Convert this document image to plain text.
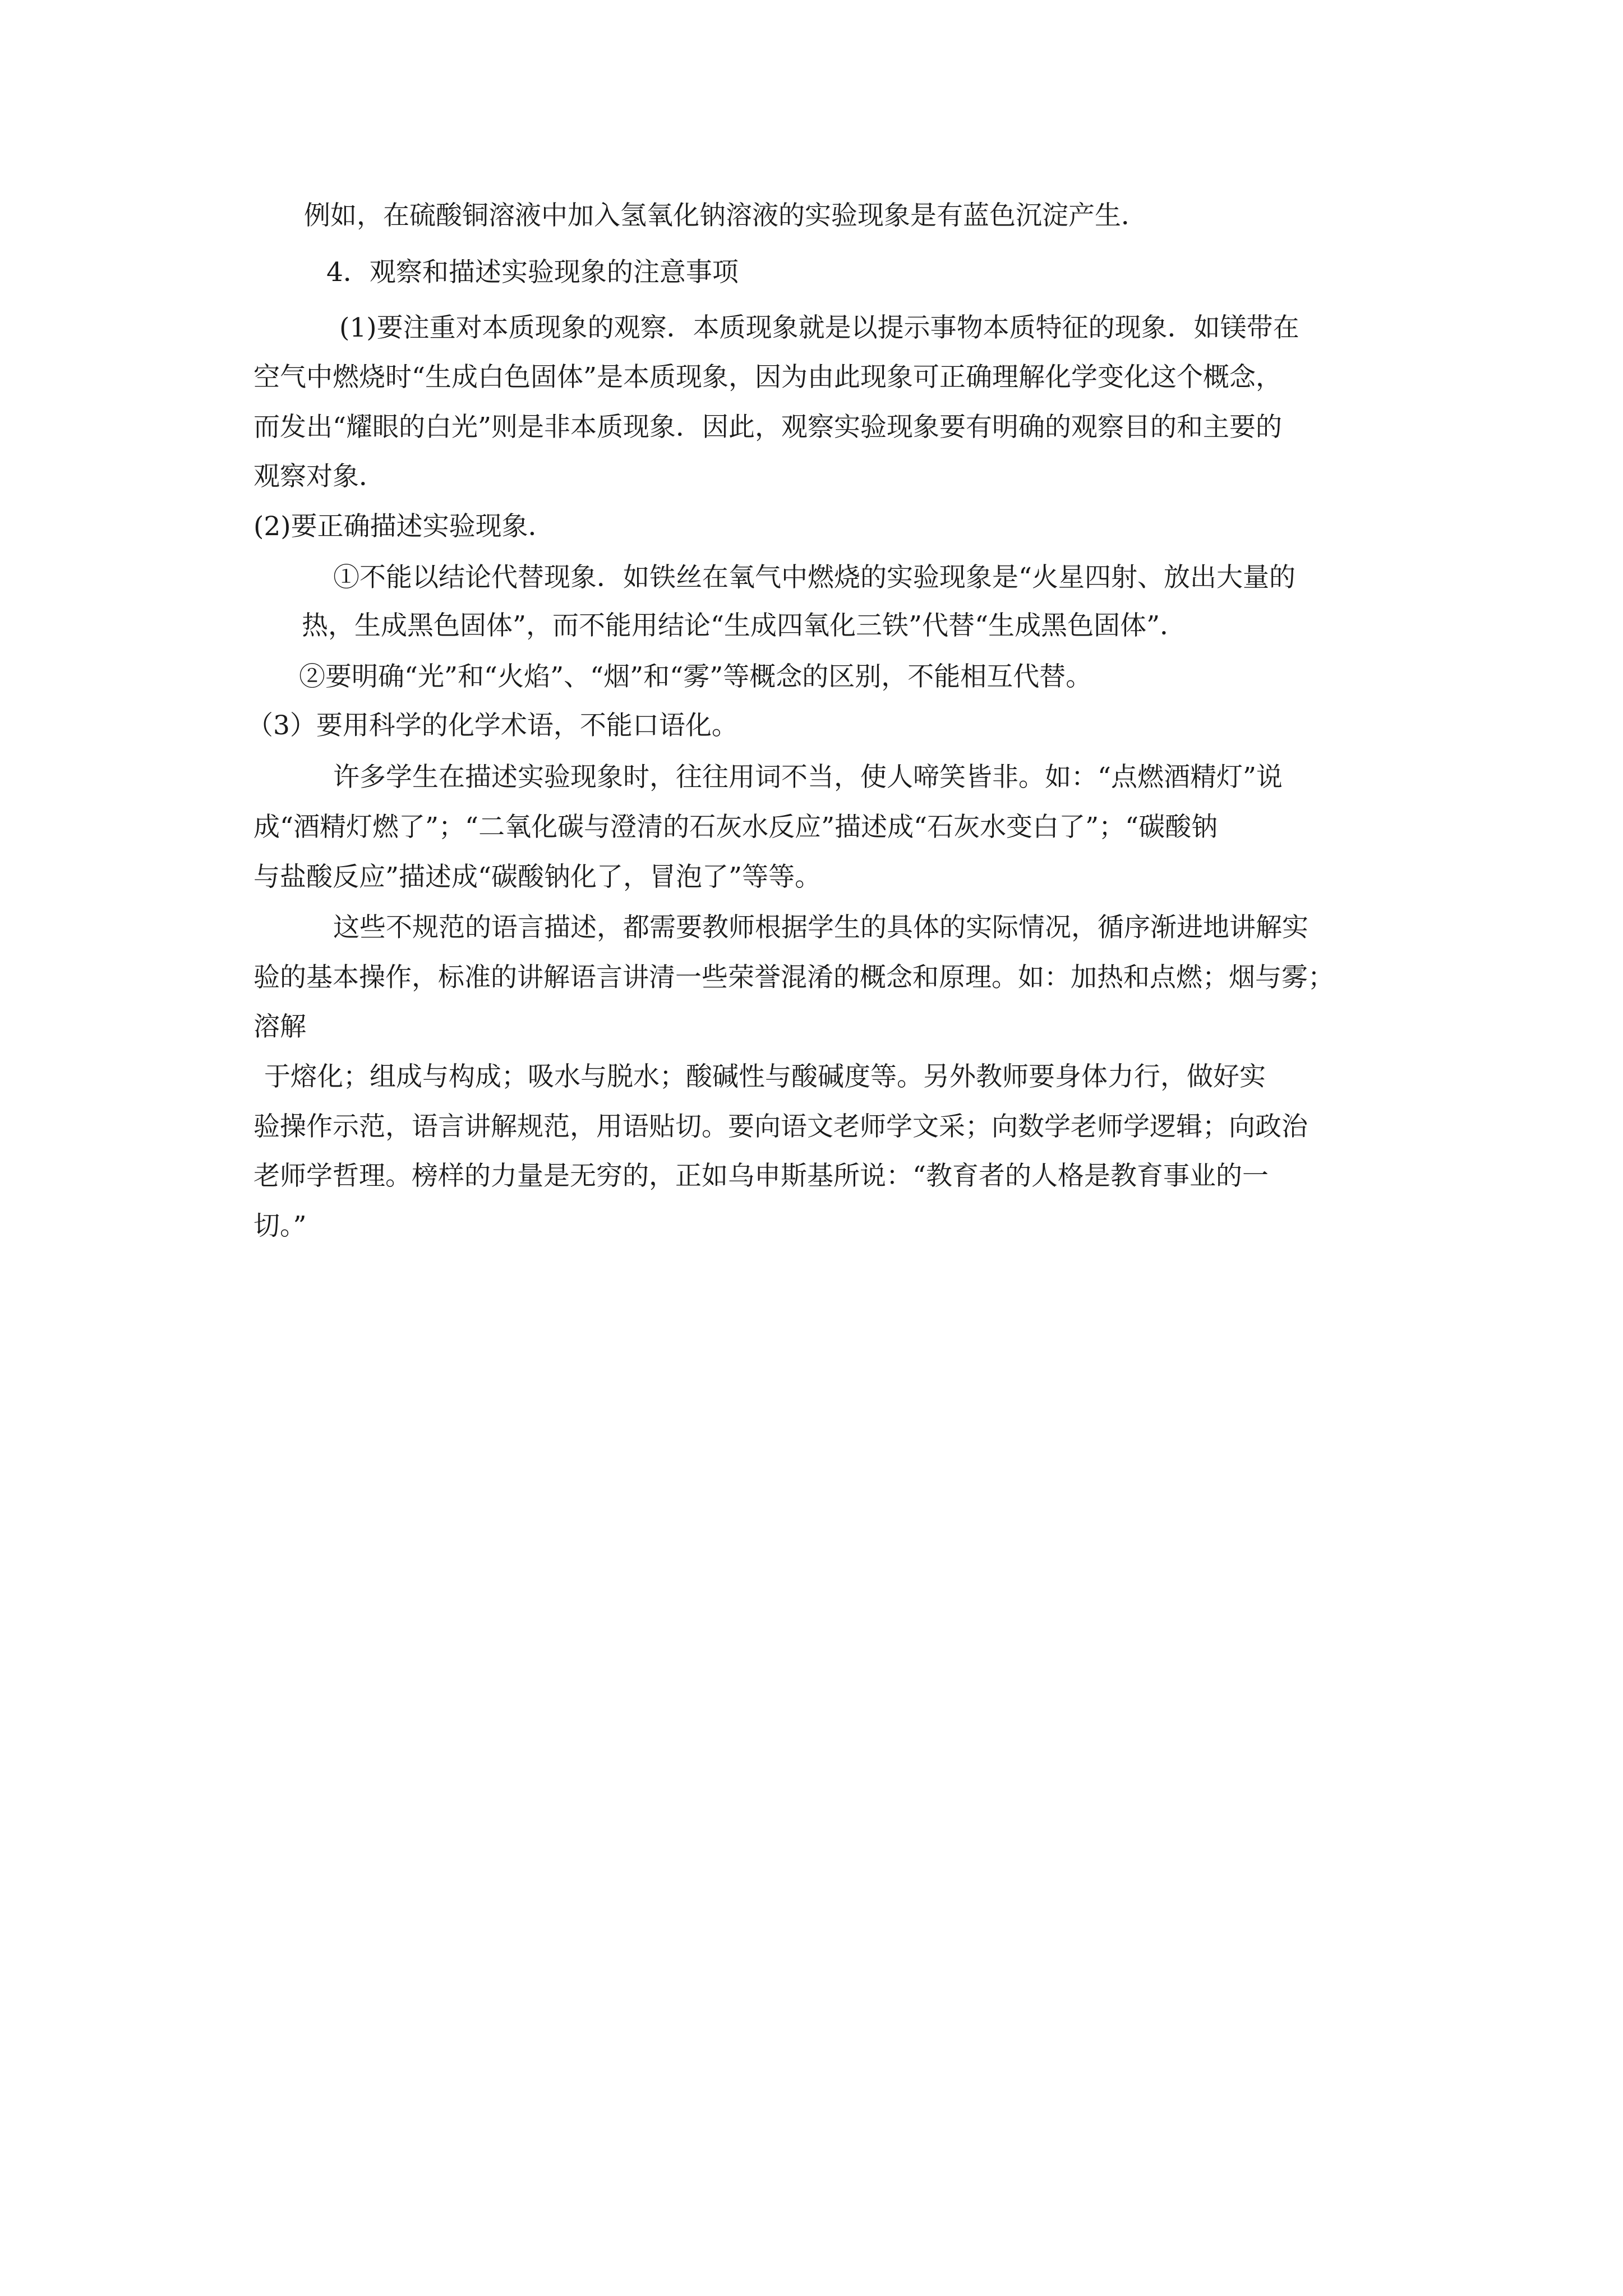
例如，在硫酸铜溶液中加入氢氧化钠溶液的实验现象是有蓝色沉淀产生．
4．观察和描述实验现象的注意事项
(1)要注重对本质现象的观察．本质现象就是以提示事物本质特征的现象．如镁带在
空气中燃烧时“生成白色固体”是本质现象，因为由此现象可正确理解化学变化这个概念，
而发出“耀眼的白光”则是非本质现象．因此，观察实验现象要有明确的观察目的和主要的
观察对象．
(2)要正确描述实验现象．
①不能以结论代替现象．如铁丝在氧气中燃烧的实验现象是“火星四射、放出大量的
热，生成黑色固体”，而不能用结论“生成四氧化三铁”代替“生成黑色固体”．
②要明确“光”和“火焰”、“烟”和“雾”等概念的区别，不能相互代替。
（3）要用科学的化学术语，不能口语化。
许多学生在描述实验现象时，往往用词不当，使人啼笑皆非。如：“点燃酒精灯”说
成“酒精灯燃了”；“二氧化碳与澄清的石灰水反应”描述成“石灰水变白了”；“碳酸钠
与盐酸反应”描述成“碳酸钠化了，冒泡了”等等。
这些不规范的语言描述，都需要教师根据学生的具体的实际情况，循序渐进地讲解实
验的基本操作，标准的讲解语言讲清一些荣誉混淆的概念和原理。如：加热和点燃；烟与雾；
溶解
于熔化；组成与构成；吸水与脱水；酸碱性与酸碱度等。另外教师要身体力行，做好实
验操作示范，语言讲解规范，用语贴切。要向语文老师学文采；向数学老师学逻辑；向政治
老师学哲理。榜样的力量是无穷的，正如乌申斯基所说：“教育者的人格是教育事业的一
切。”
